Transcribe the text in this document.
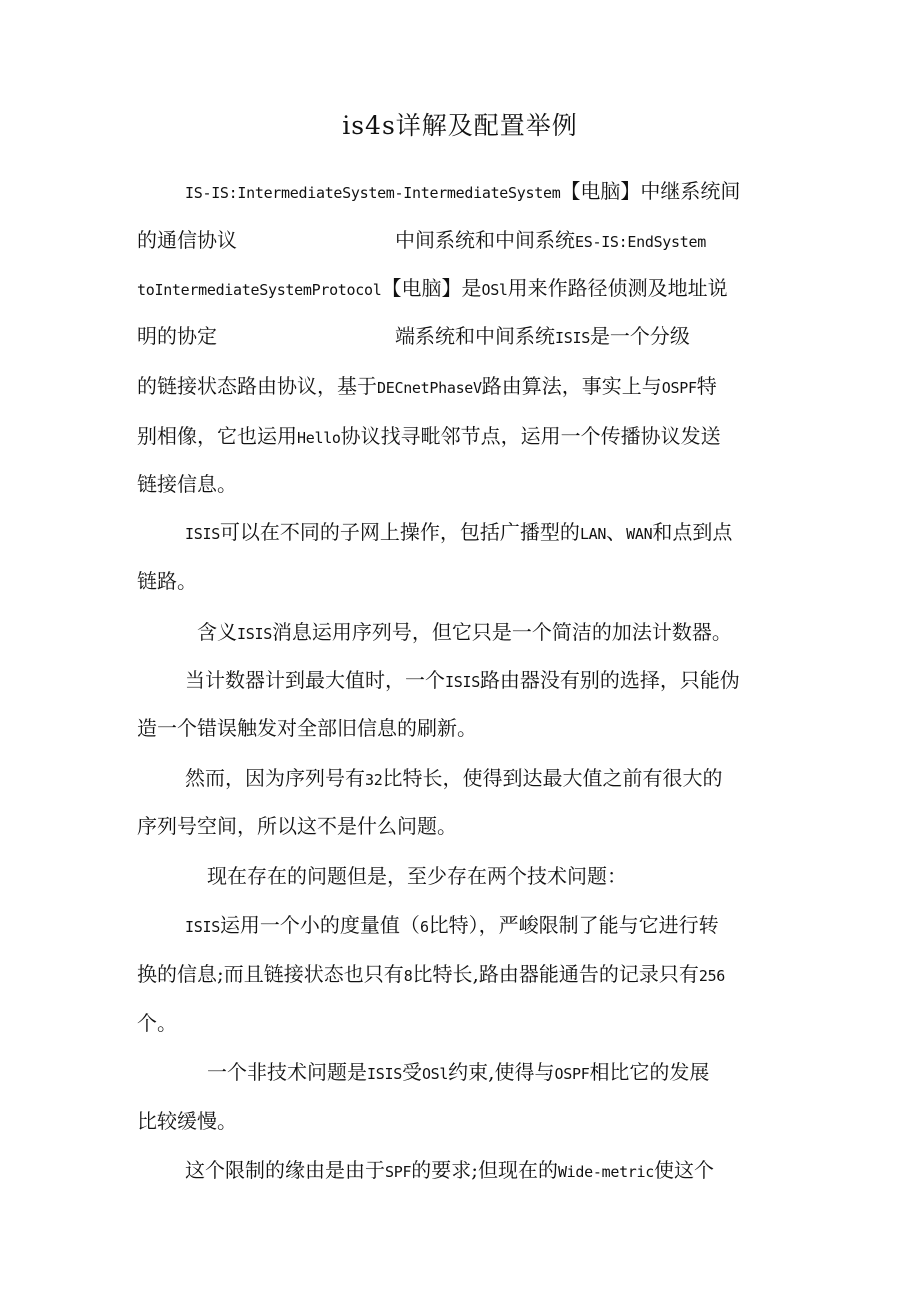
is4s详解及配置举例
IS-IS:IntermediateSystem-IntermediateSystem【电脑】中继系统间
的通信协议	中间系统和中间系统ES-IS:EndSystem
toIntermediateSystemProtocol【电脑】是OSl用来作路径侦测及地址说
明的协定	端系统和中间系统ISIS是一个分级
的链接状态路由协议，基于DECnetPhaseV路由算法，事实上与OSPF特
别相像，它也运用Hello协议找寻毗邻节点，运用一个传播协议发送
链接信息。
ISIS可以在不同的子网上操作，包括广播型的LAN、WAN和点到点
链路。
含义ISIS消息运用序列号，但它只是一个简洁的加法计数器。
当计数器计到最大值时，一个ISIS路由器没有别的选择，只能伪
造一个错误触发对全部旧信息的刷新。
然而，因为序列号有32比特长，使得到达最大值之前有很大的
序列号空间，所以这不是什么问题。
现在存在的问题但是，至少存在两个技术问题：
ISIS运用一个小的度量值（6比特），严峻限制了能与它进行转
换的信息;而且链接状态也只有8比特长,路由器能通告的记录只有256
个。
一个非技术问题是ISIS受OSl约束,使得与OSPF相比它的发展
比较缓慢。
这个限制的缘由是由于SPF的要求;但现在的Wide-metric使这个
